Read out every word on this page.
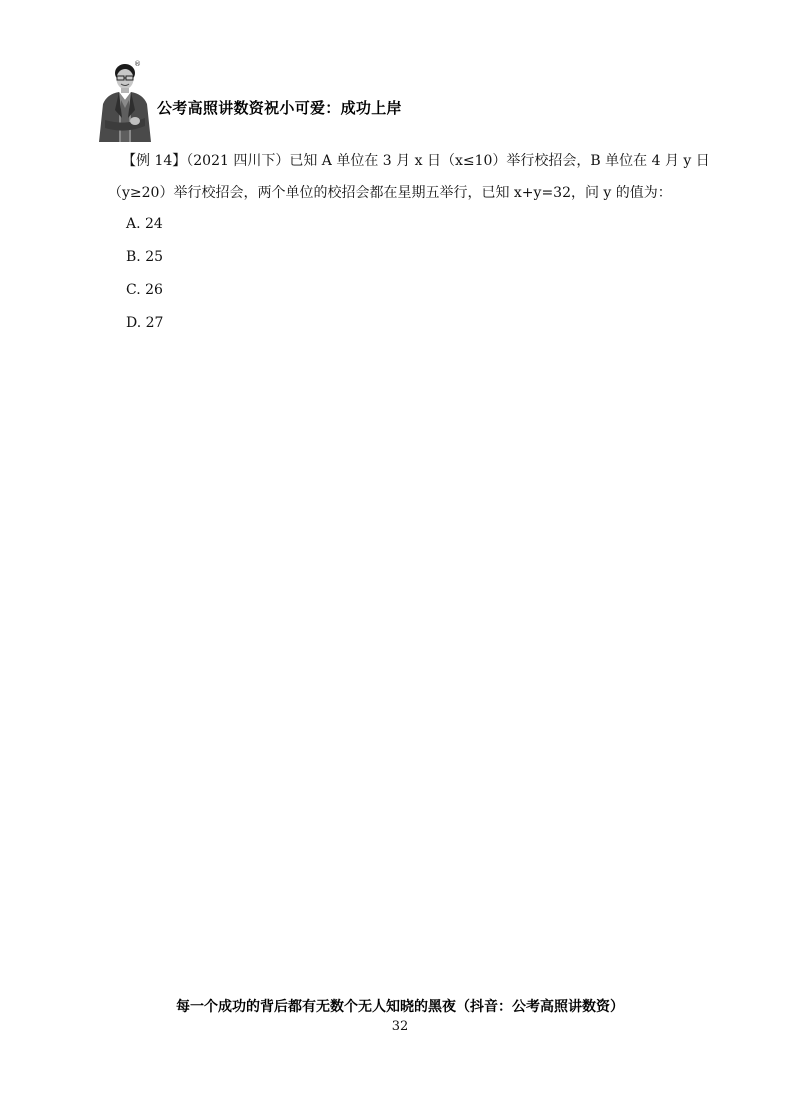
®
公考高照讲数资祝小可爱：成功上岸
【例 14】（2021 四川下）已知 A 单位在 3 月 x 日（x≤10）举行校招会，B 单位在 4 月 y 日
（y≥20）举行校招会，两个单位的校招会都在星期五举行，已知 x+y=32，问 y 的值为：
A. 24
B. 25
C. 26
D. 27
每一个成功的背后都有无数个无人知晓的黑夜（抖音：公考高照讲数资）
32
